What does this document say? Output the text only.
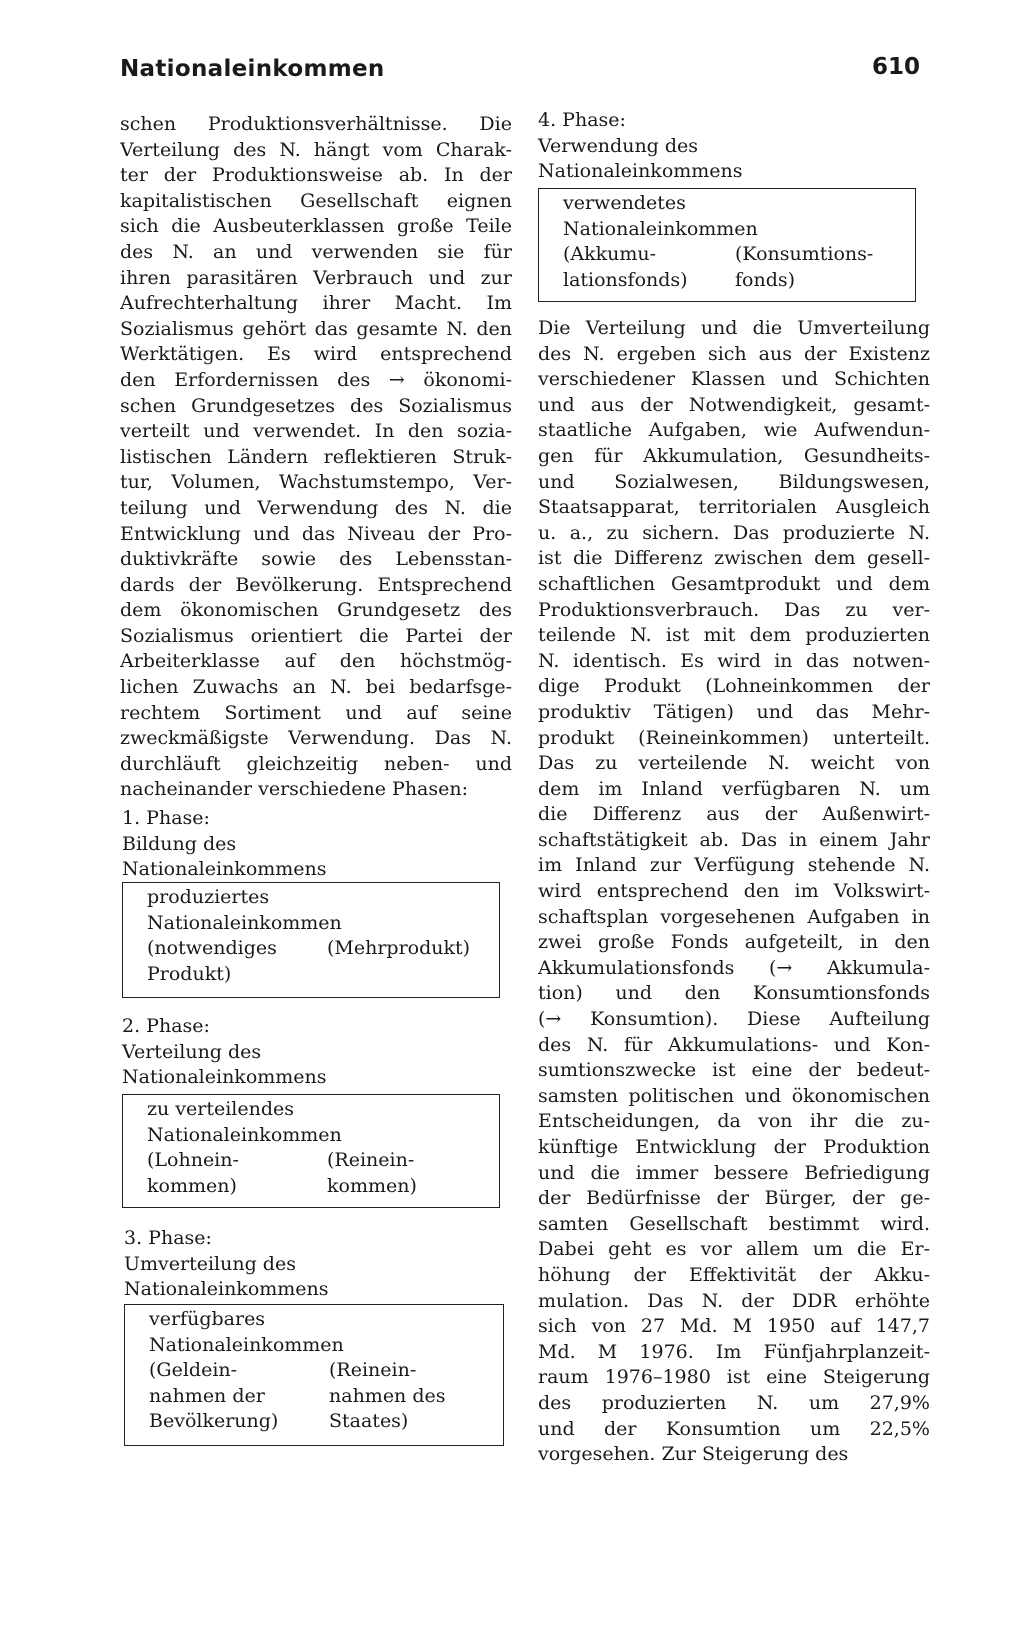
Nationaleinkommen	610
schen Produktionsverhältnisse. Die
Verteilung des N. hängt vom Charak-
ter der Produktionsweise ab. In der
kapitalistischen Gesellschaft eignen
sich die Ausbeuterklassen große Teile
des N. an und verwenden sie für
ihren parasitären Verbrauch und zur
Aufrechterhaltung ihrer Macht. Im
Sozialismus gehört das gesamte N. den
Werktätigen. Es wird entsprechend
den Erfordernissen des → ökonomi-
schen Grundgesetzes des Sozialismus
verteilt und verwendet. In den sozia-
listischen Ländern reflektieren Struk-
tur, Volumen, Wachstumstempo, Ver-
teilung und Verwendung des N. die
Entwicklung und das Niveau der Pro-
duktivkräfte sowie des Lebensstan-
dards der Bevölkerung. Entsprechend
dem ökonomischen Grundgesetz des
Sozialismus orientiert die Partei der
Arbeiterklasse auf den höchstmög-
lichen Zuwachs an N. bei bedarfsge-
rechtem Sortiment und auf seine
zweckmäßigste Verwendung. Das N.
durchläuft gleichzeitig neben- und
nacheinander verschiedene Phasen:
1. Phase:
Bildung des
Nationaleinkommens
produziertes
Nationaleinkommen
(notwendiges
Produkt)
(Mehrprodukt)
2. Phase:
Verteilung des
Nationaleinkommens
zu verteilendes
Nationaleinkommen
(Lohnein-
kommen)
(Reinein-
kommen)
3. Phase:
Umverteilung des
Nationaleinkommens
verfügbares
Nationaleinkommen
(Geldein-
nahmen der
Bevölkerung)
(Reinein-
nahmen des
Staates)
4. Phase:
Verwendung des
Nationaleinkommens
verwendetes
Nationaleinkommen
(Akkumu-
lationsfonds)
(Konsumtions-
fonds)
Die Verteilung und die Umverteilung
des N. ergeben sich aus der Existenz
verschiedener Klassen und Schichten
und aus der Notwendigkeit, gesamt-
staatliche Aufgaben, wie Aufwendun-
gen für Akkumulation, Gesundheits-
und Sozialwesen, Bildungswesen,
Staatsapparat, territorialen Ausgleich
u. a., zu sichern. Das produzierte N.
ist die Differenz zwischen dem gesell-
schaftlichen Gesamtprodukt und dem
Produktionsverbrauch. Das zu ver-
teilende N. ist mit dem produzierten
N. identisch. Es wird in das notwen-
dige Produkt (Lohneinkommen der
produktiv Tätigen) und das Mehr-
produkt (Reineinkommen) unterteilt.
Das zu verteilende N. weicht von
dem im Inland verfügbaren N. um
die Differenz aus der Außenwirt-
schaftstätigkeit ab. Das in einem Jahr
im Inland zur Verfügung stehende N.
wird entsprechend den im Volkswirt-
schaftsplan vorgesehenen Aufgaben in
zwei große Fonds aufgeteilt, in den
Akkumulationsfonds (→ Akkumula-
tion) und den Konsumtionsfonds
(→ Konsumtion). Diese Aufteilung
des N. für Akkumulations- und Kon-
sumtionszwecke ist eine der bedeut-
samsten politischen und ökonomischen
Entscheidungen, da von ihr die zu-
künftige Entwicklung der Produktion
und die immer bessere Befriedigung
der Bedürfnisse der Bürger, der ge-
samten Gesellschaft bestimmt wird.
Dabei geht es vor allem um die Er-
höhung der Effektivität der Akku-
mulation. Das N. der DDR erhöhte
sich von 27 Md. M 1950 auf 147,7
Md. M 1976. Im Fünfjahrplanzeit-
raum 1976–1980 ist eine Steigerung
des produzierten N. um 27,9%
und der Konsumtion um 22,5%
vorgesehen. Zur Steigerung des
